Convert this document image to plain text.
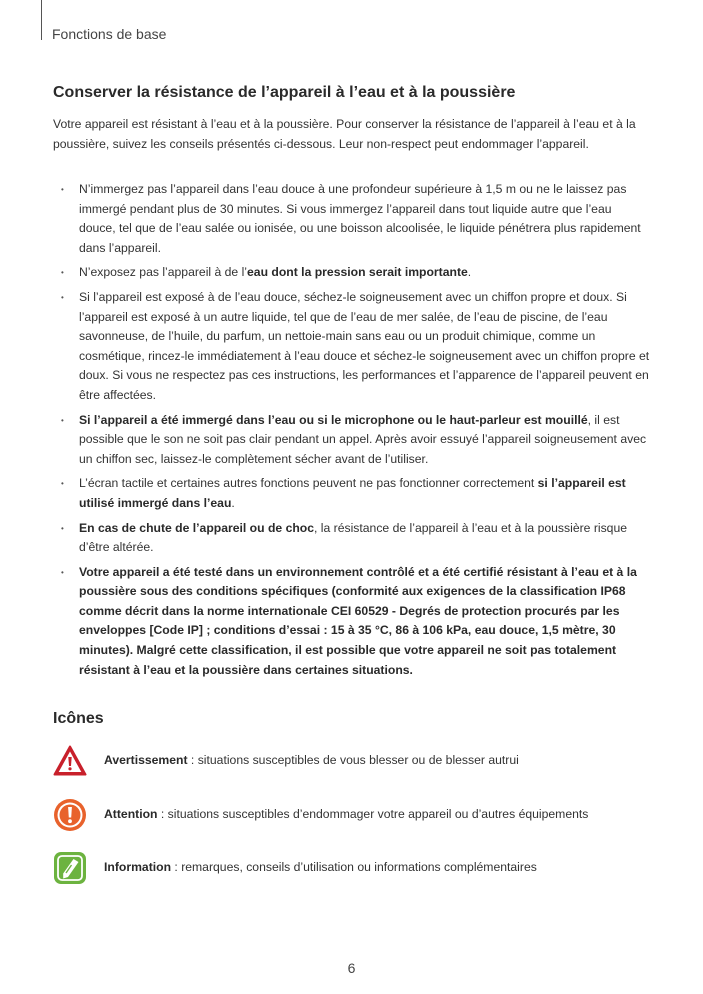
Fonctions de base
Conserver la résistance de l’appareil à l’eau et à la poussière

Votre appareil est résistant à l’eau et à la poussière. Pour conserver la résistance de l’appareil à l’eau et à la poussière, suivez les conseils présentés ci-dessous. Leur non-respect peut endommager l’appareil.

• N’immergez pas l’appareil dans l’eau douce à une profondeur supérieure à 1,5 m ou ne le laissez pas immergé pendant plus de 30 minutes. Si vous immergez l’appareil dans tout liquide autre que l’eau douce, tel que de l’eau salée ou ionisée, ou une boisson alcoolisée, le liquide pénétrera plus rapidement dans l’appareil.
• N’exposez pas l’appareil à de l’eau dont la pression serait importante.
• Si l’appareil est exposé à de l’eau douce, séchez-le soigneusement avec un chiffon propre et doux. Si l’appareil est exposé à un autre liquide, tel que de l’eau de mer salée, de l’eau de piscine, de l’eau savonneuse, de l’huile, du parfum, un nettoie-main sans eau ou un produit chimique, comme un cosmétique, rincez-le immédiatement à l’eau douce et séchez-le soigneusement avec un chiffon propre et doux. Si vous ne respectez pas ces instructions, les performances et l’apparence de l’appareil peuvent en être affectées.
• Si l’appareil a été immergé dans l’eau ou si le microphone ou le haut-parleur est mouillé, il est possible que le son ne soit pas clair pendant un appel. Après avoir essuyé l’appareil soigneusement avec un chiffon sec, laissez-le complètement sécher avant de l’utiliser.
• L’écran tactile et certaines autres fonctions peuvent ne pas fonctionner correctement si l’appareil est utilisé immergé dans l’eau.
• En cas de chute de l’appareil ou de choc, la résistance de l’appareil à l’eau et à la poussière risque d’être altérée.
• Votre appareil a été testé dans un environnement contrôlé et a été certifié résistant à l’eau et à la poussière sous des conditions spécifiques (conformité aux exigences de la classification IP68 comme décrit dans la norme internationale CEI 60529 - Degrés de protection procurés par les enveloppes [Code IP] ; conditions d’essai : 15 à 35 °C, 86 à 106 kPa, eau douce, 1,5 mètre, 30 minutes). Malgré cette classification, il est possible que votre appareil ne soit pas totalement résistant à l’eau et la poussière dans certaines situations.
Icônes
Avertissement : situations susceptibles de vous blesser ou de blesser autrui
Attention : situations susceptibles d’endommager votre appareil ou d’autres équipements
Information : remarques, conseils d’utilisation ou informations complémentaires
6
